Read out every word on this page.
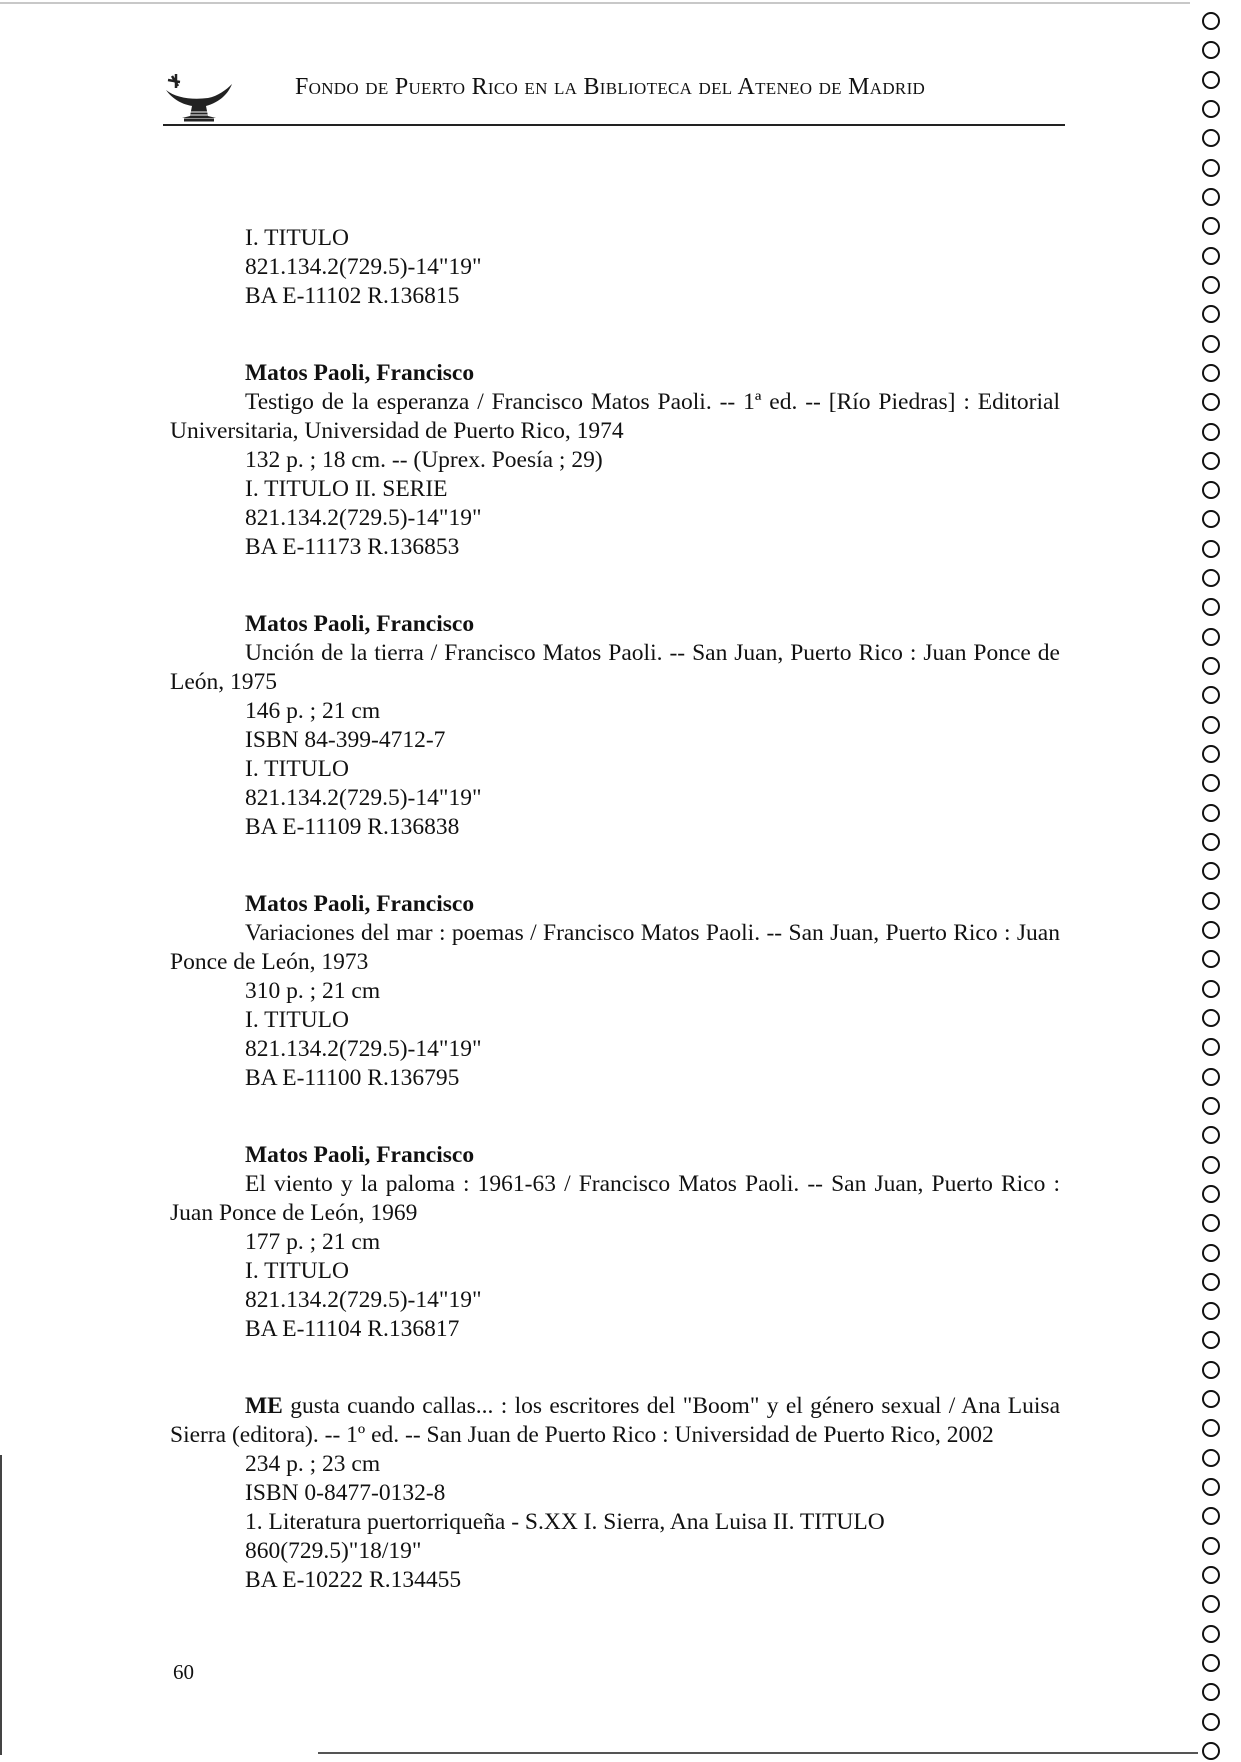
Fondo de Puerto Rico en la Biblioteca del Ateneo de Madrid
I. TITULO
821.134.2(729.5)-14"19"
BA E-11102 R.136815
Matos Paoli, Francisco
Testigo de la esperanza / Francisco Matos Paoli. -- 1ª ed. -- [Río Piedras] : Editorial Universitaria, Universidad de Puerto Rico, 1974
132 p. ; 18 cm. -- (Uprex. Poesía ; 29)
I. TITULO II. SERIE
821.134.2(729.5)-14"19"
BA E-11173 R.136853
Matos Paoli, Francisco
Unción de la tierra / Francisco Matos Paoli. -- San Juan, Puerto Rico : Juan Ponce de León, 1975
146 p. ; 21 cm
ISBN 84-399-4712-7
I. TITULO
821.134.2(729.5)-14"19"
BA E-11109 R.136838
Matos Paoli, Francisco
Variaciones del mar : poemas / Francisco Matos Paoli. -- San Juan, Puerto Rico : Juan Ponce de León, 1973
310 p. ; 21 cm
I. TITULO
821.134.2(729.5)-14"19"
BA E-11100 R.136795
Matos Paoli, Francisco
El viento y la paloma : 1961-63 / Francisco Matos Paoli. -- San Juan, Puerto Rico : Juan Ponce de León, 1969
177 p. ; 21 cm
I. TITULO
821.134.2(729.5)-14"19"
BA E-11104 R.136817
ME gusta cuando callas... : los escritores del "Boom" y el género sexual / Ana Luisa Sierra (editora). -- 1º ed. -- San Juan de Puerto Rico : Universidad de Puerto Rico, 2002
234 p. ; 23 cm
ISBN 0-8477-0132-8
1. Literatura puertorriqueña - S.XX I. Sierra, Ana Luisa II. TITULO
860(729.5)"18/19"
BA E-10222 R.134455
60
